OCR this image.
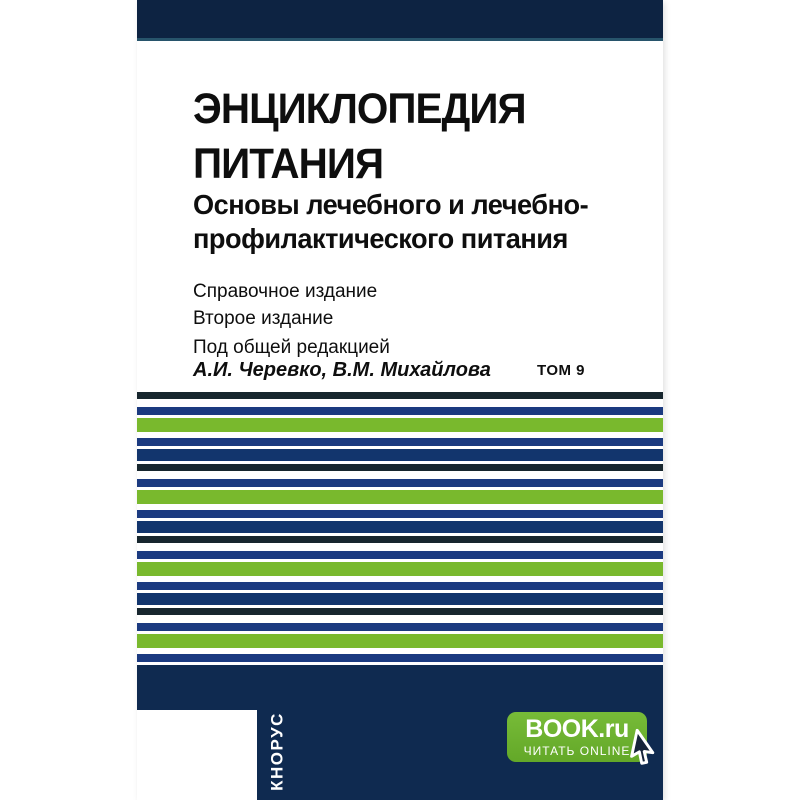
ЭНЦИКЛОПЕДИЯ
ПИТАНИЯ
Основы лечебного и лечебно-
профилактического питания
Справочное издание
Второе издание
Под общей редакцией
А.И. Черевко, В.М. Михайлова	ТОМ 9
КНОРУС	BOOK.ru
ЧИТАТЬ ONLINE
